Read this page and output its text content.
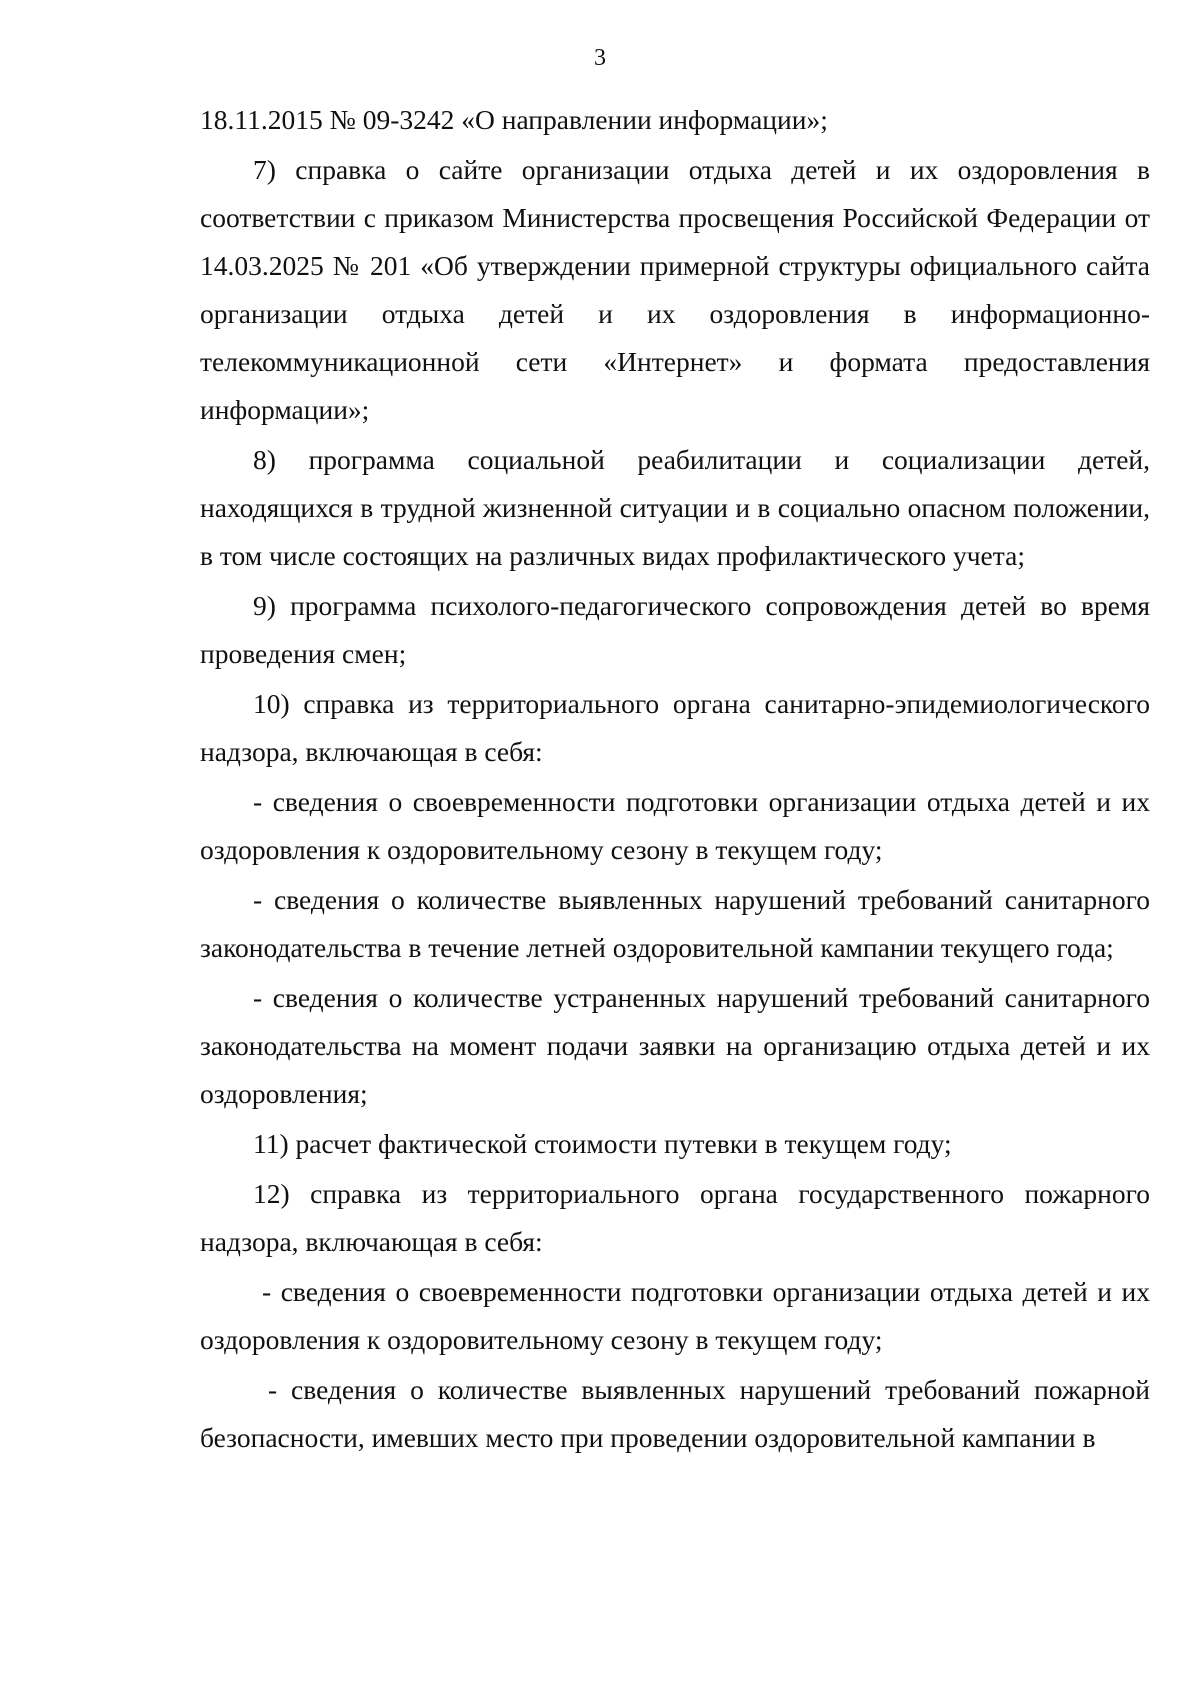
3

18.11.2015 № 09-3242 «О направлении информации»;

7) справка о сайте организации отдыха детей и их оздоровления в соответствии с приказом Министерства просвещения Российской Федерации от 14.03.2025 № 201 «Об утверждении примерной структуры официального сайта организации отдыха детей и их оздоровления в информационно-телекоммуникационной сети «Интернет» и формата предоставления информации»;

8) программа социальной реабилитации и социализации детей, находящихся в трудной жизненной ситуации и в социально опасном положении, в том числе состоящих на различных видах профилактического учета;

9) программа психолого-педагогического сопровождения детей во время проведения смен;

10) справка из территориального органа санитарно-эпидемиологического надзора, включающая в себя:

- сведения о своевременности подготовки организации отдыха детей и их оздоровления к оздоровительному сезону в текущем году;

- сведения о количестве выявленных нарушений требований санитарного законодательства в течение летней оздоровительной кампании текущего года;

- сведения о количестве устраненных нарушений требований санитарного законодательства на момент подачи заявки на организацию отдыха детей и их оздоровления;

11) расчет фактической стоимости путевки в текущем году;

12) справка из территориального органа государственного пожарного надзора, включающая в себя:

- сведения о своевременности подготовки организации отдыха детей и их оздоровления к оздоровительному сезону в текущем году;

- сведения о количестве выявленных нарушений требований пожарной безопасности, имевших место при проведении оздоровительной кампании в
